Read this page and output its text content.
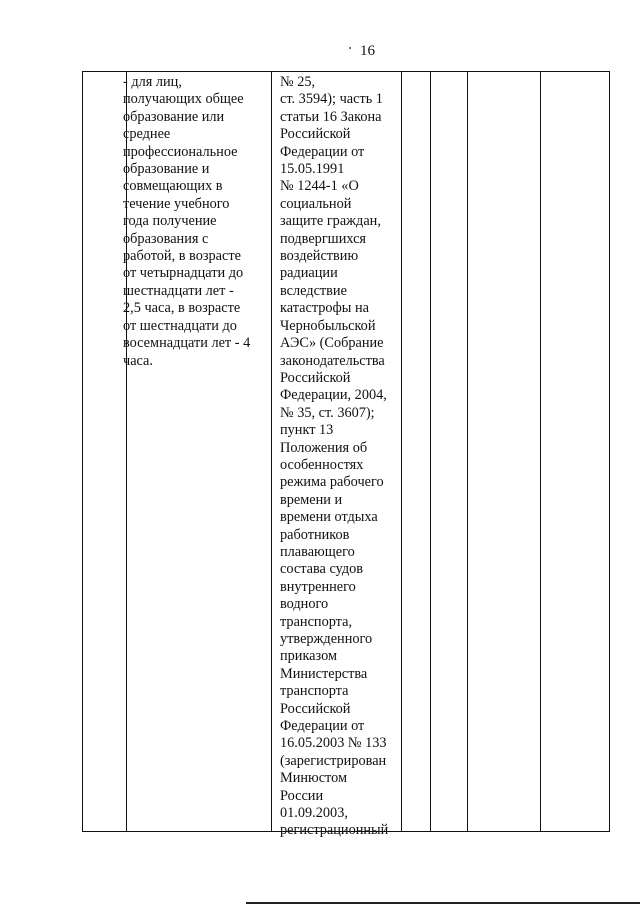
16
- для лиц,
получающих общее
образование или
среднее
профессиональное
образование и
совмещающих в
течение учебного
года получение
образования с
работой, в возрасте
от четырнадцати до
шестнадцати лет -
2,5 часа, в возрасте
от шестнадцати до
восемнадцати лет - 4
часа.
№ 25,
ст. 3594); часть 1
статьи 16 Закона
Российской
Федерации от
15.05.1991
№ 1244-1 «О
социальной
защите граждан,
подвергшихся
воздействию
радиации
вследствие
катастрофы на
Чернобыльской
АЭС» (Собрание
законодательства
Российской
Федерации, 2004,
№ 35, ст. 3607);
пункт 13
Положения об
особенностях
режима рабочего
времени и
времени отдыха
работников
плавающего
состава судов
внутреннего
водного
транспорта,
утвержденного
приказом
Министерства
транспорта
Российской
Федерации от
16.05.2003 № 133
(зарегистрирован
Минюстом
России
01.09.2003,
регистрационный
